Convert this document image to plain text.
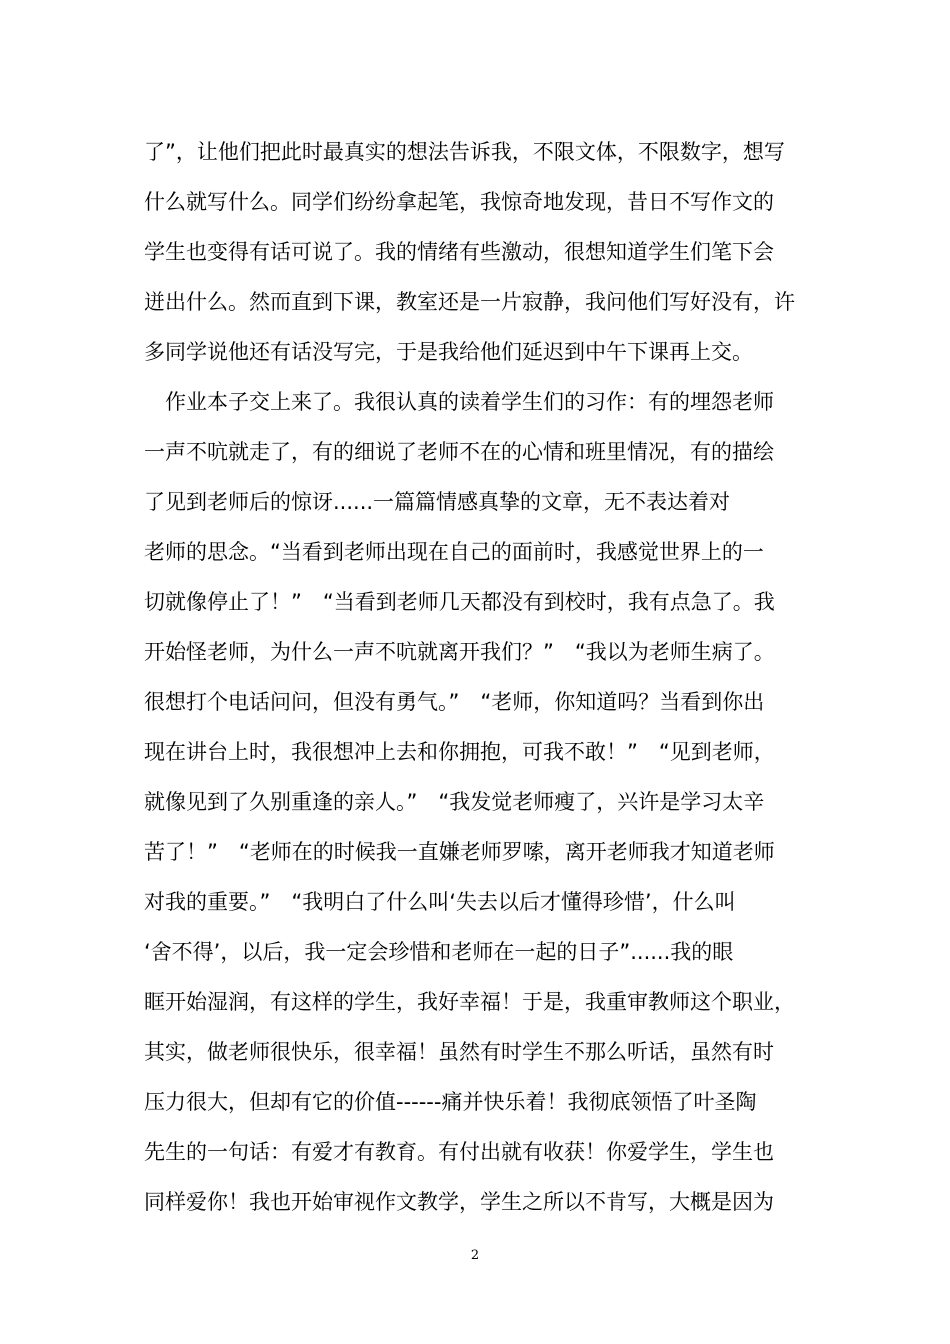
了”，让他们把此时最真实的想法告诉我，不限文体，不限数字，想写
什么就写什么。同学们纷纷拿起笔，我惊奇地发现，昔日不写作文的
学生也变得有话可说了。我的情绪有些激动，很想知道学生们笔下会
迸出什么。然而直到下课，教室还是一片寂静，我问他们写好没有，许
多同学说他还有话没写完，于是我给他们延迟到中午下课再上交。
　作业本子交上来了。我很认真的读着学生们的习作：有的埋怨老师
一声不吭就走了，有的细说了老师不在的心情和班里情况，有的描绘
了见到老师后的惊讶......一篇篇情感真挚的文章，无不表达着对
老师的思念。“当看到老师出现在自己的面前时，我感觉世界上的一
切就像停止了！”　“当看到老师几天都没有到校时，我有点急了。我
开始怪老师，为什么一声不吭就离开我们？”　“我以为老师生病了。
很想打个电话问问，但没有勇气。”　“老师，你知道吗？当看到你出
现在讲台上时，我很想冲上去和你拥抱，可我不敢！”　“见到老师，
就像见到了久别重逢的亲人。”　“我发觉老师瘦了，兴许是学习太辛
苦了！”　“老师在的时候我一直嫌老师罗嗦，离开老师我才知道老师
对我的重要。”　“我明白了什么叫‘失去以后才懂得珍惜’，什么叫
‘舍不得’，以后，我一定会珍惜和老师在一起的日子”......我的眼
眶开始湿润，有这样的学生，我好幸福！于是，我重审教师这个职业，
其实，做老师很快乐，很幸福！虽然有时学生不那么听话，虽然有时
压力很大，但却有它的价值------痛并快乐着！我彻底领悟了叶圣陶
先生的一句话：有爱才有教育。有付出就有收获！你爱学生，学生也
同样爱你！我也开始审视作文教学，学生之所以不肯写，大概是因为
2
